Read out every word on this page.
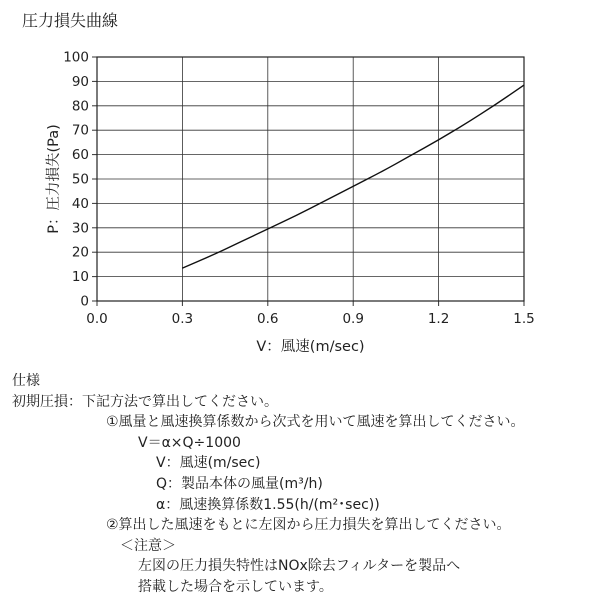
圧力損失曲線
0
10
20
30
40
50
60
70
80
90
100
0.0	0.3	0.6	0.9	1.2	1.5
V：風速(m/sec)
P：圧力損失(Pa)
仕様
初期圧損：下記方法で算出してください。
①風量と風速換算係数から次式を用いて風速を算出してください。
V＝α×Q÷1000
V：風速(m/sec)
Q：製品本体の風量(m³/h)
α：風速換算係数1.55(h/(m²･sec))
②算出した風速をもとに左図から圧力損失を算出してください。
＜注意＞
左図の圧力損失特性はNOx除去フィルターを製品へ
搭載した場合を示しています。
